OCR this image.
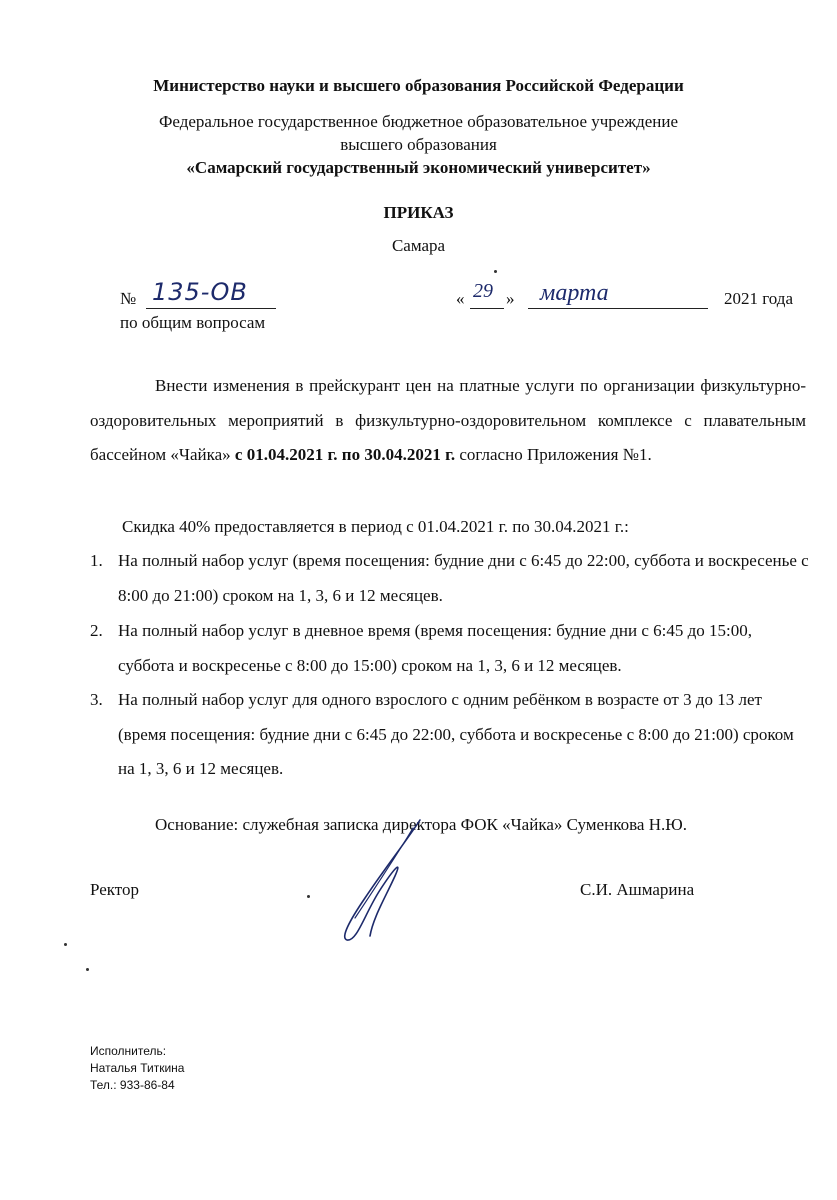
Министерство науки и высшего образования Российской Федерации
Федеральное государственное бюджетное образовательное учреждение
высшего образования
«Самарский государственный экономический университет»
ПРИКАЗ
Самара
№ 135-ОВ
по общим вопросам
« 29 » марта	2021 года
Внести изменения в прейскурант цен на платные услуги по организации физкультурно-оздоровительных мероприятий в физкультурно-оздоровительном комплексе с плавательным бассейном «Чайка» с 01.04.2021 г. по 30.04.2021 г. согласно Приложения №1.
Скидка 40% предоставляется в период с 01.04.2021 г. по 30.04.2021 г.:
1. На полный набор услуг (время посещения: будние дни с 6:45 до 22:00, суббота и воскресенье с 8:00 до 21:00) сроком на 1, 3, 6 и 12 месяцев.
2. На полный набор услуг в дневное время (время посещения: будние дни с 6:45 до 15:00, суббота и воскресенье с 8:00 до 15:00) сроком на 1, 3, 6 и 12 месяцев.
3. На полный набор услуг для одного взрослого с одним ребёнком в возрасте от 3 до 13 лет (время посещения: будние дни с 6:45 до 22:00, суббота и воскресенье с 8:00 до 21:00) сроком на 1, 3, 6 и 12 месяцев.
Основание: служебная записка директора ФОК «Чайка» Суменкова Н.Ю.
Ректор	С.И. Ашмарина
Исполнитель:
Наталья Титкина
Тел.: 933-86-84
